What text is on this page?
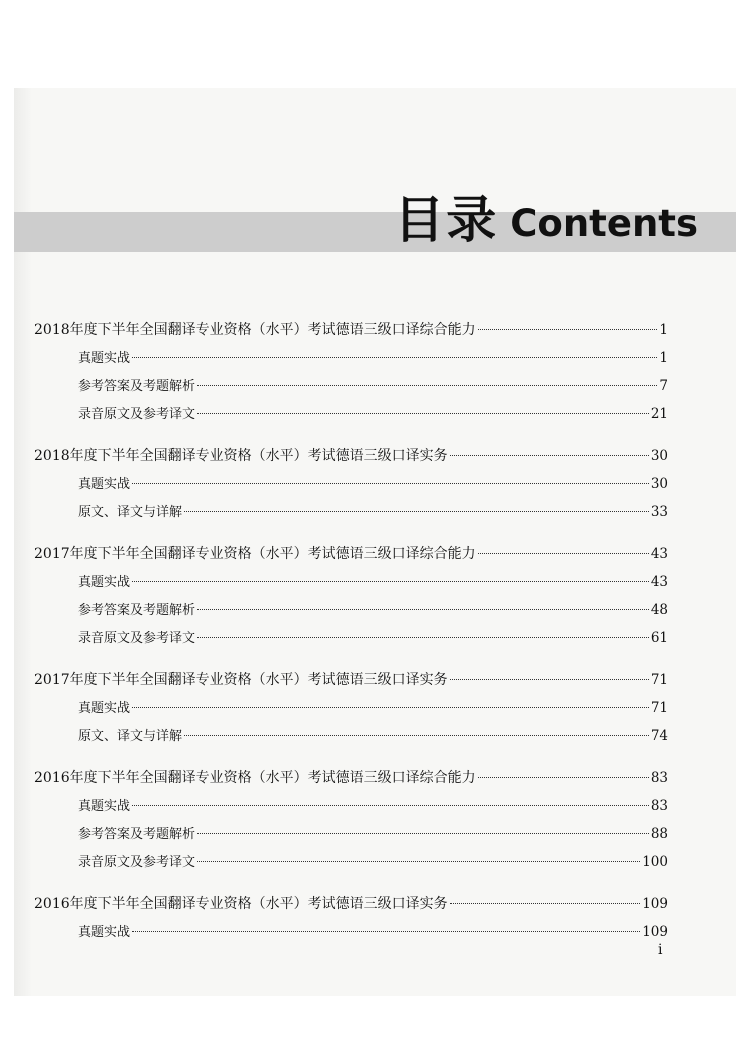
目录 Contents
2018年度下半年全国翻译专业资格（水平）考试德语三级口译综合能力	1
真题实战	1
参考答案及考题解析	7
录音原文及参考译文	21
2018年度下半年全国翻译专业资格（水平）考试德语三级口译实务	30
真题实战	30
原文、译文与详解	33
2017年度下半年全国翻译专业资格（水平）考试德语三级口译综合能力	43
真题实战	43
参考答案及考题解析	48
录音原文及参考译文	61
2017年度下半年全国翻译专业资格（水平）考试德语三级口译实务	71
真题实战	71
原文、译文与详解	74
2016年度下半年全国翻译专业资格（水平）考试德语三级口译综合能力	83
真题实战	83
参考答案及考题解析	88
录音原文及参考译文	100
2016年度下半年全国翻译专业资格（水平）考试德语三级口译实务	109
真题实战	109
i
